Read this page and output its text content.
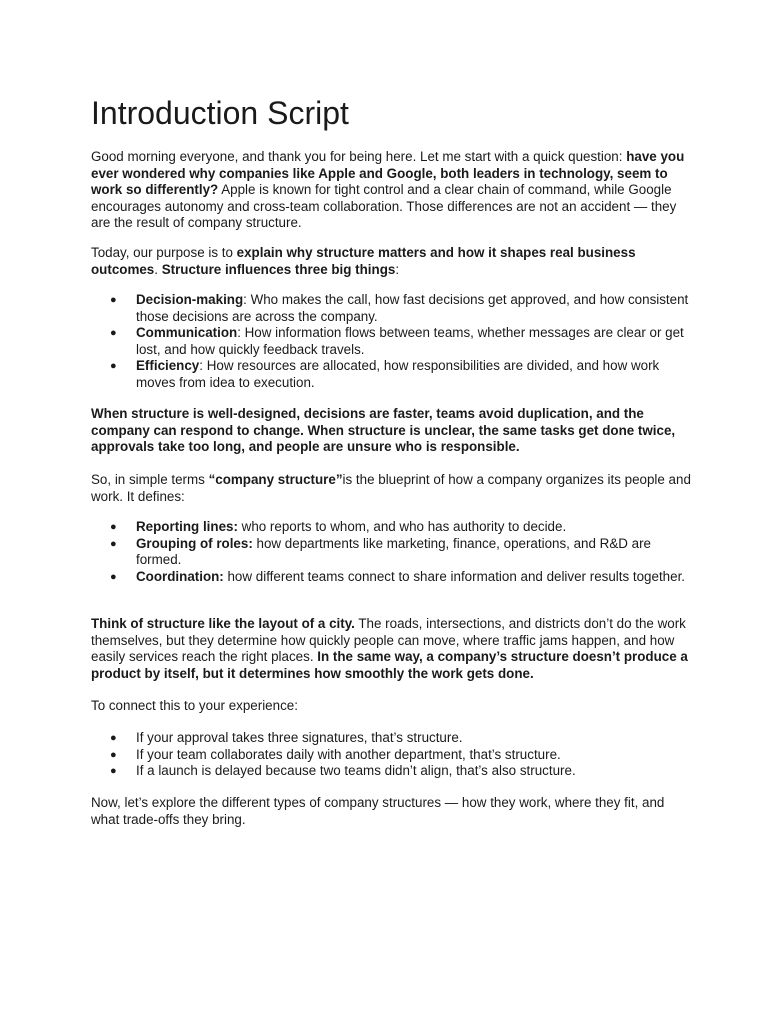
Introduction Script

Good morning everyone, and thank you for being here. Let me start with a quick question: have you ever wondered why companies like Apple and Google, both leaders in technology, seem to work so differently? Apple is known for tight control and a clear chain of command, while Google encourages autonomy and cross-team collaboration. Those differences are not an accident — they are the result of company structure.

Today, our purpose is to explain why structure matters and how it shapes real business outcomes. Structure influences three big things:

● Decision-making: Who makes the call, how fast decisions get approved, and how consistent those decisions are across the company.
● Communication: How information flows between teams, whether messages are clear or get lost, and how quickly feedback travels.
● Efficiency: How resources are allocated, how responsibilities are divided, and how work moves from idea to execution.

When structure is well-designed, decisions are faster, teams avoid duplication, and the company can respond to change. When structure is unclear, the same tasks get done twice, approvals take too long, and people are unsure who is responsible.

So, in simple terms “company structure”is the blueprint of how a company organizes its people and work. It defines:

● Reporting lines: who reports to whom, and who has authority to decide.
● Grouping of roles: how departments like marketing, finance, operations, and R&D are formed.
● Coordination: how different teams connect to share information and deliver results together.

Think of structure like the layout of a city. The roads, intersections, and districts don’t do the work themselves, but they determine how quickly people can move, where traffic jams happen, and how easily services reach the right places. In the same way, a company’s structure doesn’t produce a product by itself, but it determines how smoothly the work gets done.

To connect this to your experience:

● If your approval takes three signatures, that’s structure.
● If your team collaborates daily with another department, that’s structure.
● If a launch is delayed because two teams didn’t align, that’s also structure.

Now, let’s explore the different types of company structures — how they work, where they fit, and what trade-offs they bring.
